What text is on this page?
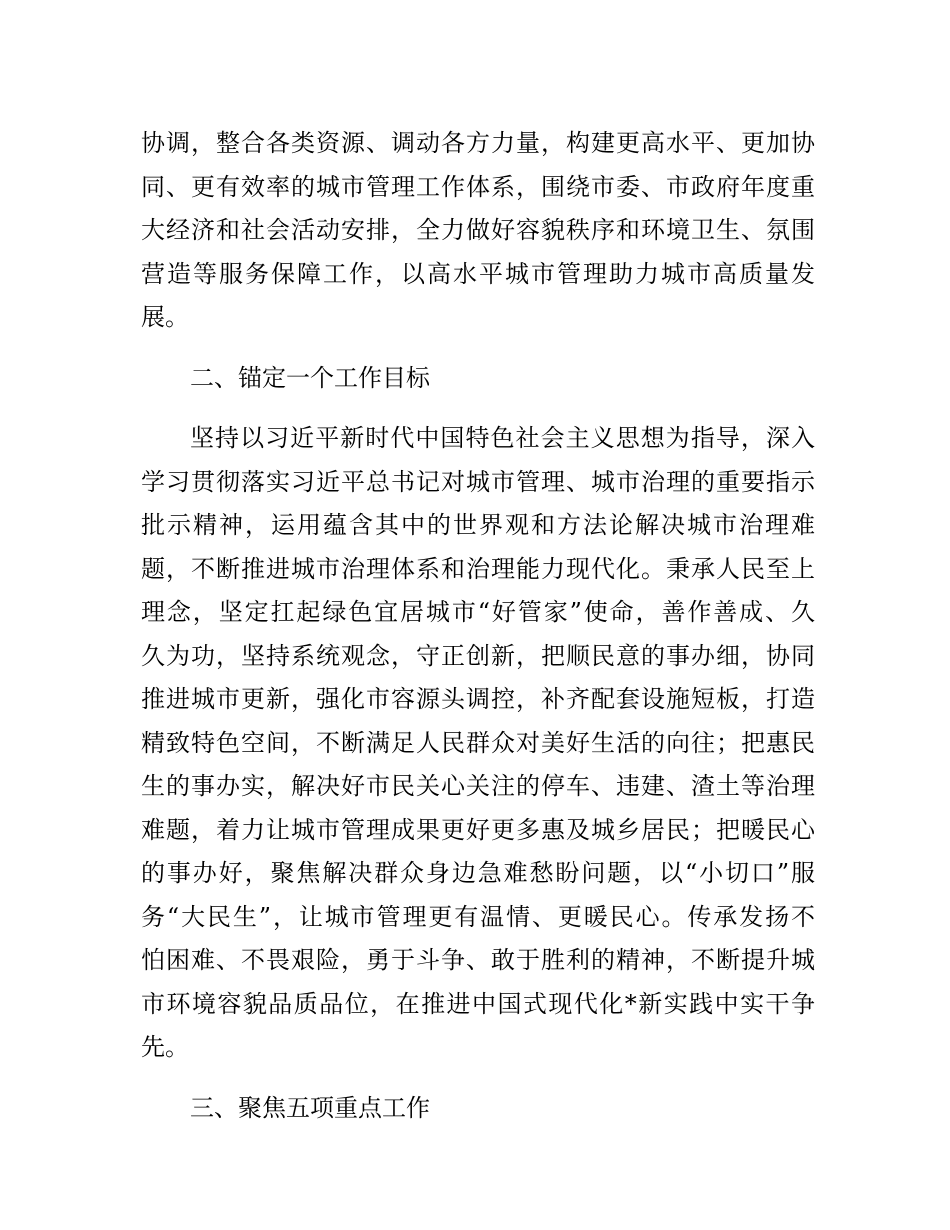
协调，整合各类资源、调动各方力量，构建更高水平、更加协
同、更有效率的城市管理工作体系，围绕市委、市政府年度重
大经济和社会活动安排，全力做好容貌秩序和环境卫生、氛围
营造等服务保障工作，以高水平城市管理助力城市高质量发
展。
二、锚定一个工作目标
坚持以习近平新时代中国特色社会主义思想为指导，深入
学习贯彻落实习近平总书记对城市管理、城市治理的重要指示
批示精神，运用蕴含其中的世界观和方法论解决城市治理难
题，不断推进城市治理体系和治理能力现代化。秉承人民至上
理念，坚定扛起绿色宜居城市“好管家”使命，善作善成、久
久为功，坚持系统观念，守正创新，把顺民意的事办细，协同
推进城市更新，强化市容源头调控，补齐配套设施短板，打造
精致特色空间，不断满足人民群众对美好生活的向往；把惠民
生的事办实，解决好市民关心关注的停车、违建、渣土等治理
难题，着力让城市管理成果更好更多惠及城乡居民；把暖民心
的事办好，聚焦解决群众身边急难愁盼问题，以“小切口”服
务“大民生”，让城市管理更有温情、更暖民心。传承发扬不
怕困难、不畏艰险，勇于斗争、敢于胜利的精神，不断提升城
市环境容貌品质品位，在推进中国式现代化*新实践中实干争
先。
三、聚焦五项重点工作
